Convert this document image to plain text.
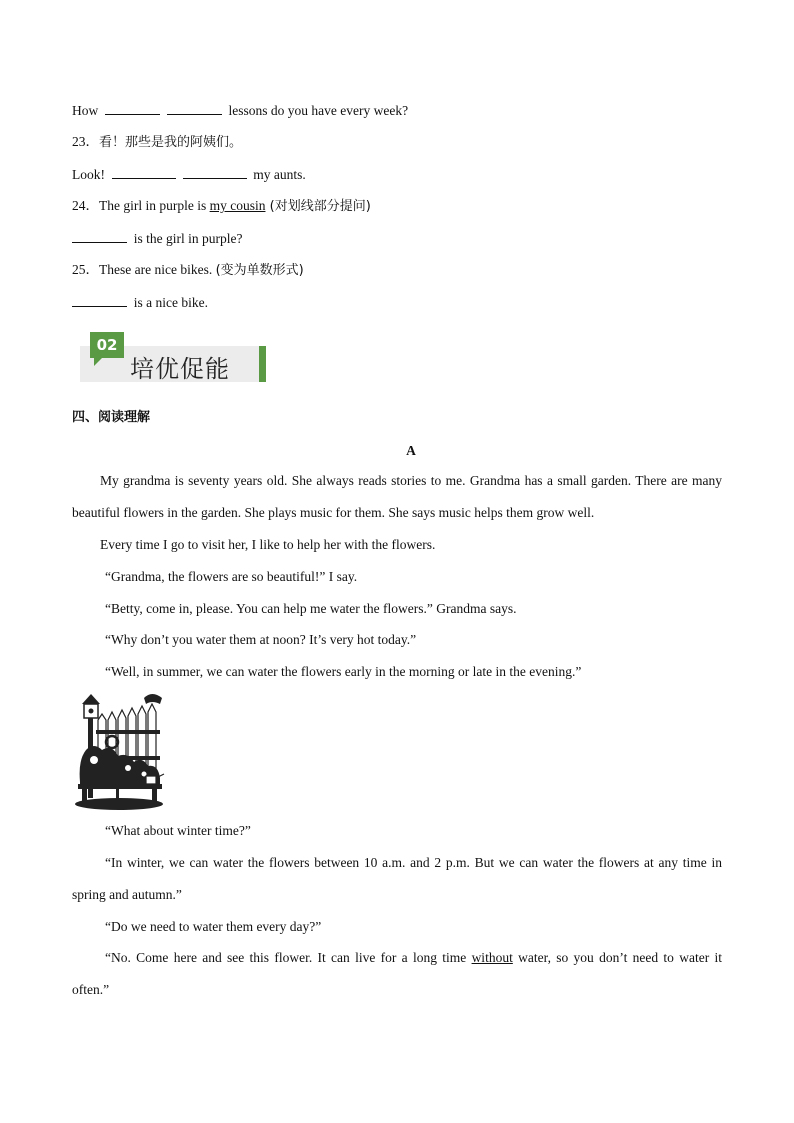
How	lessons do you have every week?
23．看！那些是我的阿姨们。
Look!	my aunts.
24．The girl in purple is my cousin (对划线部分提问)
is the girl in purple?
25．These are nice bikes. (变为单数形式)
is a nice bike.
02
培优促能
四、阅读理解
A
My grandma is seventy years old. She always reads stories to me. Grandma has a small garden. There are many
beautiful flowers in the garden. She plays music for them. She says music helps them grow well.
Every time I go to visit her, I like to help her with the flowers.
“Grandma, the flowers are so beautiful!” I say.
“Betty, come in, please. You can help me water the flowers.” Grandma says.
“Why don’t you water them at noon? It’s very hot today.”
“Well, in summer, we can water the flowers early in the morning or late in the evening.”
“What about winter time?”
“In winter, we can water the flowers between 10 a.m. and 2 p.m. But we can water the flowers at any time in
spring and autumn.”
“Do we need to water them every day?”
“No. Come here and see this flower. It can live for a long time without water, so you don’t need to water it
often.”
